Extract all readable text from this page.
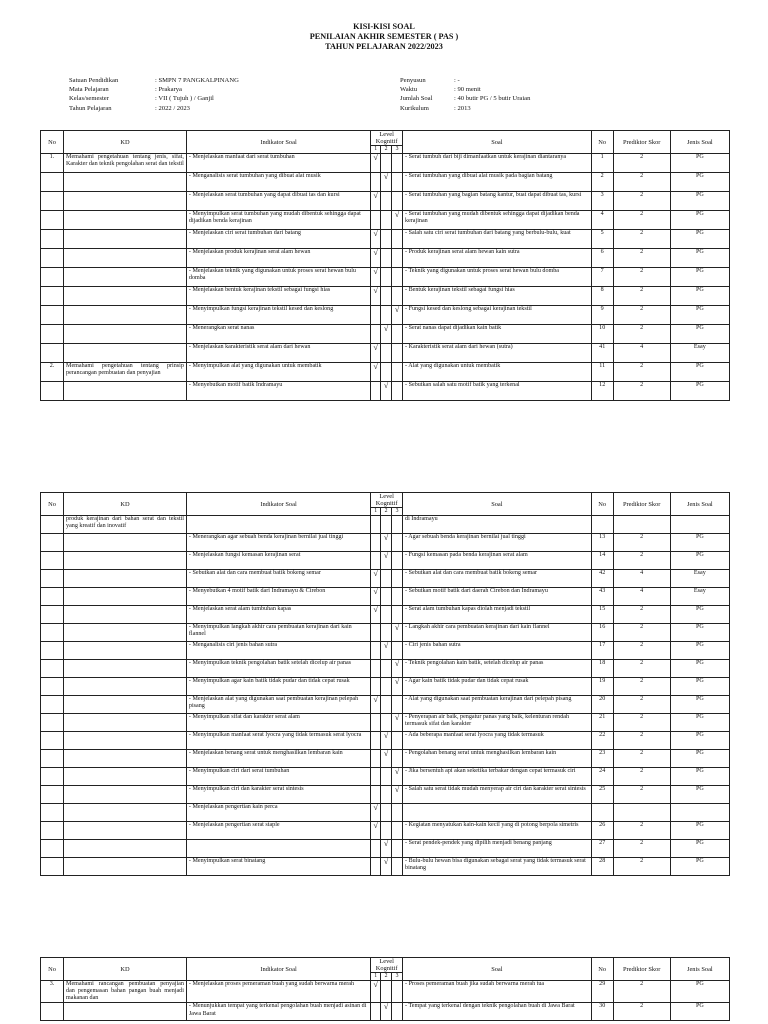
KISI-KISI SOAL
PENILAIAN AKHIR SEMESTER ( PAS )
TAHUN PELAJARAN 2022/2023
Satuan Pendidikan	: SMPN 7 PANGKALPINANG
Mata Pelajaran	: Prakarya
Kelas/semester	: VII ( Tujuh ) / Ganjil
Tahun Pelajaran	: 2022 / 2023
Penyusun	: -
Waktu	: 90 menit
Jumlah Soal	: 40 butir PG / 5 butir Uraian
Kurikulum	: 2013
No	KD	Indikator Soal	Level Kognitif			Soal	No	Prediktor Skor	Jenis Soal
			1	2	3				
1.	Memahami pengetahuan tentang jenis, sifat, Karakter dan teknik pengolahan serat dan tekstil	- Menjelaskan manfaat dari serat tumbuhan	√			- Serat tumbuh dari biji dimanfaatkan untuk kerajinan diantaranya	1	2	PG
		- Menganalisis serat tumbuhan yang dibuat alat musik		√		- Serat tumbuhan yang dibuat alat musik pada bagian batang	2	2	PG
		- Menjelaskan serat tumbuhan yang dapat dibuat tas dan kursi	√			- Serat tumbuhan yang bagian batang kantur, buat dapat dibuat tas, kursi	3	2	PG
		- Menyimpulkan serat tumbuhan yang mudah dibentuk sehingga dapat dijadikan benda kerajinan			√	- Serat tumbuhan yang mudah dibentuk sehingga dapat dijadikan benda kerajinan	4	2	PG
		- Menjelaskan ciri serat tumbuhan dari batang	√			- Salah satu ciri serat tumbuhan dari batang yang berbulu-bulu, kuat	5	2	PG
		- Menjelaskan produk kerajinan serat alam hewan	√			- Produk kerajinan serat alam hewan kain sutra	6	2	PG
		- Menjelaskan teknik yang digunakan untuk proses serat hewan bulu domba	√			- Teknik yang digunakan untuk proses serat hewan bulu domba	7	2	PG
		- Menjelaskan bentuk kerajinan tekstil sebagai fungsi hias	√			- Bentuk kerajinan tekstil sebagai fungsi hias	8	2	PG
		- Menyimpulkan fungsi kerajinan tekstil kesed dan keslong			√	- Fungsi kesed dan keslong sebagai kerajinan tekstil	9	2	PG
		- Menerangkan serat nanas		√		- Serat nanas dapat dijadikan kain batik	10	2	PG
		- Menjelaskan karakteristik serat alam dari hewan	√			- Karakteristik serat alam dari hewan (sutra)	41	4	Esay
2.	Memahami pengetahuan tentang prinsip perancangan pembuatan dan penyajian	- Menyimpulkan alat yang digunakan untuk membatik	√			- Alat yang digunakan untuk membatik	11	2	PG
		- Menyebutkan motif batik Indramayu		√		- Sebutkan salah satu motif batik yang terkenal	12	2	PG
No	KD	Indikator Soal	Level Kognitif			Soal	No	Prediktor Skor	Jenis Soal
			1	2	3				
	produk kerajinan dari bahan serat dan tekstil yang kreatif dan inovatif					di Indramayu			
		- Menerangkan agar sebuah benda kerajinan bernilai jual tinggi		√		- Agar sebuah benda kerajinan bernilai jual tinggi	13	2	PG
		- Menjelaskan fungsi kemasan kerajinan serat		√		- Fungsi kemasan pada benda kerajinan serat alam	14	2	PG
		- Sebutkan alat dan cara membuat batik bokeng semar	√			- Sebutkan alat dan cara membuat batik bokeng semar	42	4	Esay
		- Menyebutkan 4 motif batik dari Indramayu & Cirebon	√			- Sebutkan motif batik dari daerah Cirebon dan Indramayu	43	4	Esay
		- Menjelaskan serat alam tumbuhan kapas	√			- Serat alam tumbuhan kapas diolah menjadi tekstil	15	2	PG
		- Menyimpulkan langkah akhir cara pembuatan kerajinan dari kain flannel			√	- Langkah akhir cara pembuatan kerajinan dari kain flannel	16	2	PG
		- Menganalisis ciri jenis bahan sutra		√		- Ciri jenis bahan sutra	17	2	PG
		- Menyimpulkan teknik pengolahan batik setelah dicelup air panas			√	- Teknik pengolahan kain batik, setelah dicelup air panas	18	2	PG
		- Menyimpulkan agar kain batik tidak pudar dan tidak cepat rusak			√	- Agar kain batik tidak pudar dan tidak cepat rusak	19	2	PG
		- Menjelaskan alat yang digunakan saat pembuatan kerajinan pelepah pisang	√			- Alat yang digunakan saat pembuatan kerajinan dari pelepah pisang	20	2	PG
		- Menyimpulkan sifat dan karakter serat alam			√	- Penyerapan air baik, pengatur panas yang baik, kelenturan rendah termasuk sifat dan karakter	21	2	PG
		- Menyimpulkan manfaat serat lyocra yang tidak termasuk serat lyocra		√		- Ada beberapa manfaat serat lyocra yang tidak termasuk	22	2	PG
		- Menjelaskan benang serat untuk menghasilkan lembaran kain		√		- Pengolahan benang serat untuk menghasilkan lembaran kain	23	2	PG
		- Menyimpulkan ciri dari serat tumbuhan			√	- Jika bersentuh api akan seketika terbakar dengan cepat termasuk ciri	24	2	PG
		- Menyimpulkan ciri dan karakter serat sintesis			√	- Salah satu serat tidak mudah menyerap air ciri dan karakter serat sintesis	25	2	PG
		- Menjelaskan pengertian kain perca	√						
		- Menjelaskan pengertian serat staple	√			- Kegiatan menyatukan kain-kain kecil yang di potong berpola simetris	26	2	PG
				√		- Serat pendek-pendek yang dipilih menjadi benang panjang	27	2	PG
		- Menyimpulkan serat binatang		√		- Bulu-bulu hewan bisa digunakan sebagai serat yang tidak termasuk serat binatang	28	2	PG
No	KD	Indikator Soal	Level Kognitif			Soal	No	Prediktor Skor	Jenis Soal
			1	2	3				
3.	Memahami rancangan pembuatan penyajian dan pengemasan bahan pangan buah menjadi makanan dan	- Menjelaskan proses pemeraman buah yang sudah berwarna merah	√			- Proses pemeraman buah jika sudah berwarna merah tua	29	2	PG
		- Menunjukkan tempat yang terkenal pengolahan buah menjadi asinan di Jawa Barat		√		- Tempat yang terkenal dengan teknik pengolahan buah di Jawa Barat	30	2	PG
